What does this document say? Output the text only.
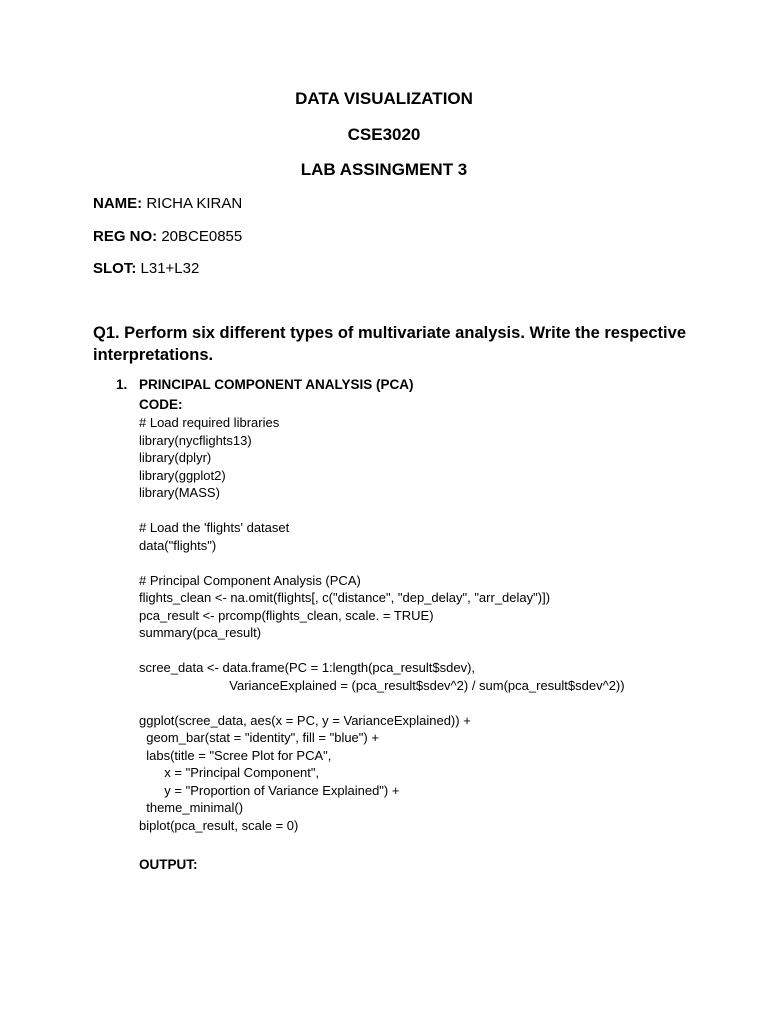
DATA VISUALIZATION
CSE3020
LAB ASSINGMENT 3
NAME: RICHA KIRAN
REG NO: 20BCE0855
SLOT: L31+L32
Q1. Perform six different types of multivariate analysis. Write the respective interpretations.
1. PRINCIPAL COMPONENT ANALYSIS (PCA)
CODE:
# Load required libraries
library(nycflights13)
library(dplyr)
library(ggplot2)
library(MASS)
# Load the 'flights' dataset
data("flights")
# Principal Component Analysis (PCA)
flights_clean <- na.omit(flights[, c("distance", "dep_delay", "arr_delay")])
pca_result <- prcomp(flights_clean, scale. = TRUE)
summary(pca_result)
scree_data <- data.frame(PC = 1:length(pca_result$sdev),
VarianceExplained = (pca_result$sdev^2) / sum(pca_result$sdev^2))
ggplot(scree_data, aes(x = PC, y = VarianceExplained)) +
geom_bar(stat = "identity", fill = "blue") +
labs(title = "Scree Plot for PCA",
x = "Principal Component",
y = "Proportion of Variance Explained") +
theme_minimal()
biplot(pca_result, scale = 0)
OUTPUT:
